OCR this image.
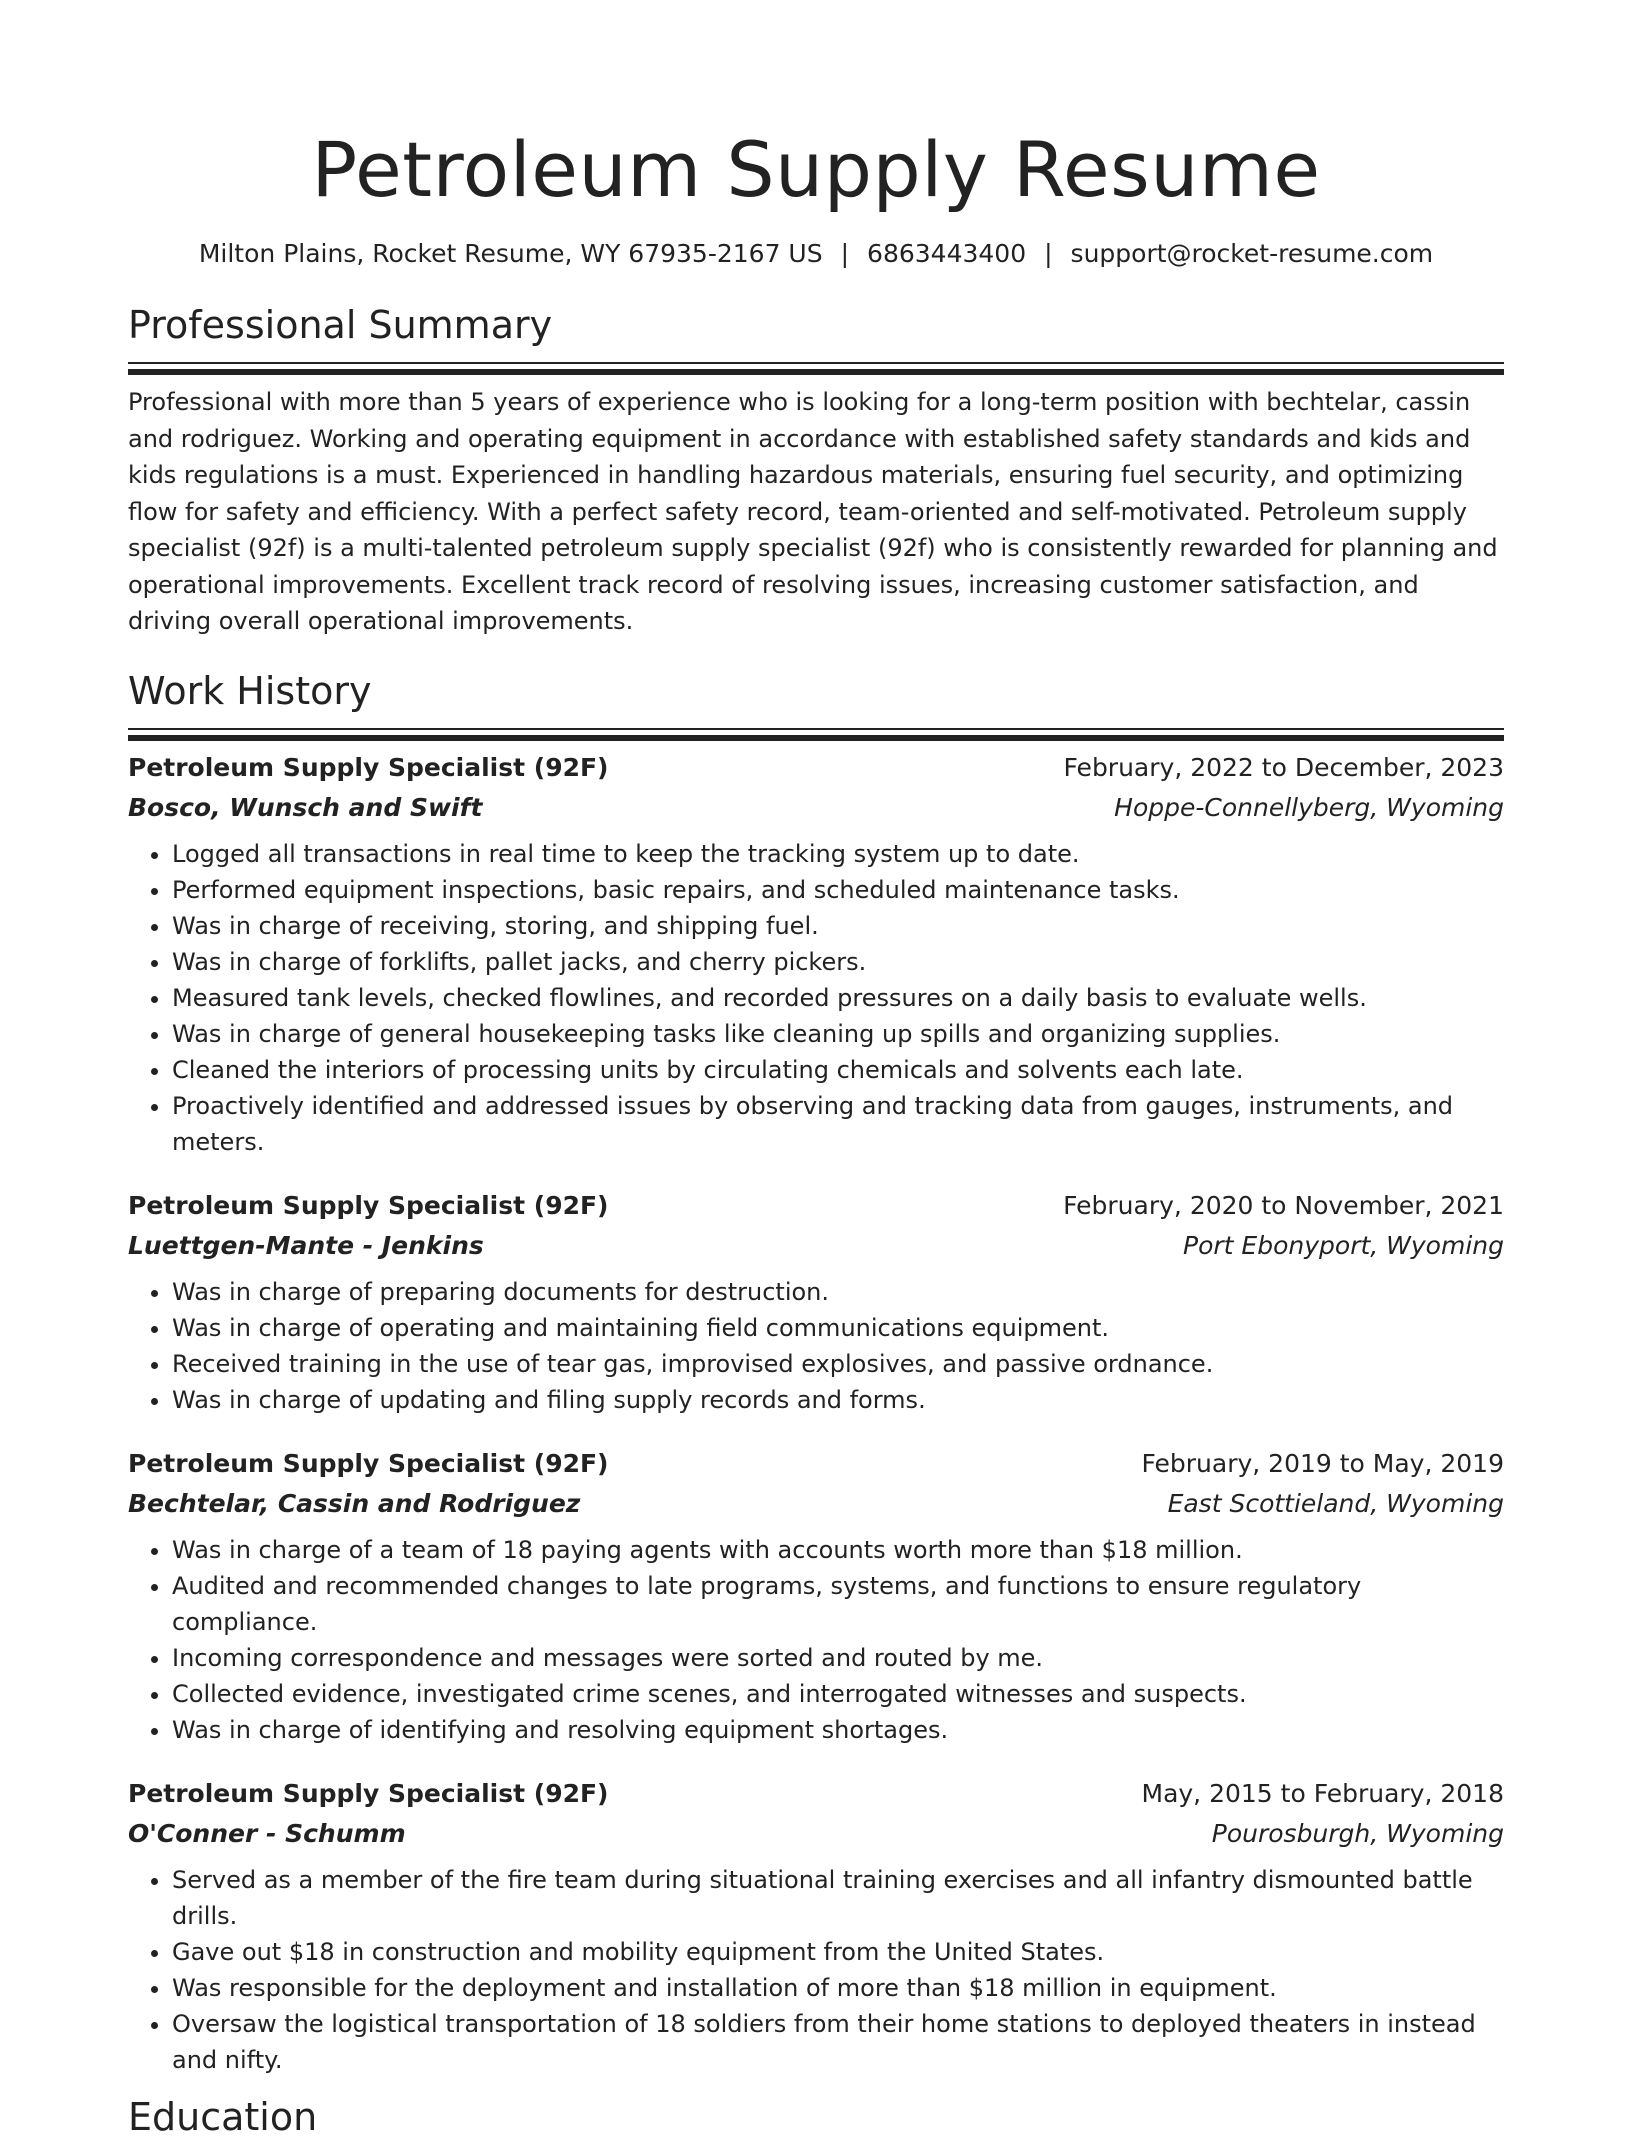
Petroleum Supply Resume
Milton Plains, Rocket Resume, WY 67935-2167 US | 6863443400 | support@rocket-resume.com
Professional Summary

Professional with more than 5 years of experience who is looking for a long-term position with bechtelar, cassin and rodriguez. Working and operating equipment in accordance with established safety standards and kids and kids regulations is a must. Experienced in handling hazardous materials, ensuring fuel security, and optimizing flow for safety and efficiency. With a perfect safety record, team-oriented and self-motivated. Petroleum supply specialist (92f) is a multi-talented petroleum supply specialist (92f) who is consistently rewarded for planning and operational improvements. Excellent track record of resolving issues, increasing customer satisfaction, and driving overall operational improvements.

Work History
Petroleum Supply Specialist (92F)	February, 2022 to December, 2023
Bosco, Wunsch and Swift	Hoppe-Connellyberg, Wyoming
• Logged all transactions in real time to keep the tracking system up to date.
• Performed equipment inspections, basic repairs, and scheduled maintenance tasks.
• Was in charge of receiving, storing, and shipping fuel.
• Was in charge of forklifts, pallet jacks, and cherry pickers.
• Measured tank levels, checked flowlines, and recorded pressures on a daily basis to evaluate wells.
• Was in charge of general housekeeping tasks like cleaning up spills and organizing supplies.
• Cleaned the interiors of processing units by circulating chemicals and solvents each late.
• Proactively identified and addressed issues by observing and tracking data from gauges, instruments, and meters.
Petroleum Supply Specialist (92F)	February, 2020 to November, 2021
Luettgen-Mante - Jenkins	Port Ebonyport, Wyoming
• Was in charge of preparing documents for destruction.
• Was in charge of operating and maintaining field communications equipment.
• Received training in the use of tear gas, improvised explosives, and passive ordnance.
• Was in charge of updating and filing supply records and forms.
Petroleum Supply Specialist (92F)	February, 2019 to May, 2019
Bechtelar, Cassin and Rodriguez	East Scottieland, Wyoming
• Was in charge of a team of 18 paying agents with accounts worth more than $18 million.
• Audited and recommended changes to late programs, systems, and functions to ensure regulatory compliance.
• Incoming correspondence and messages were sorted and routed by me.
• Collected evidence, investigated crime scenes, and interrogated witnesses and suspects.
• Was in charge of identifying and resolving equipment shortages.
Petroleum Supply Specialist (92F)	May, 2015 to February, 2018
O'Conner - Schumm	Pourosburgh, Wyoming
• Served as a member of the fire team during situational training exercises and all infantry dismounted battle drills.
• Gave out $18 in construction and mobility equipment from the United States.
• Was responsible for the deployment and installation of more than $18 million in equipment.
• Oversaw the logistical transportation of 18 soldiers from their home stations to deployed theaters in instead and nifty.
Education
